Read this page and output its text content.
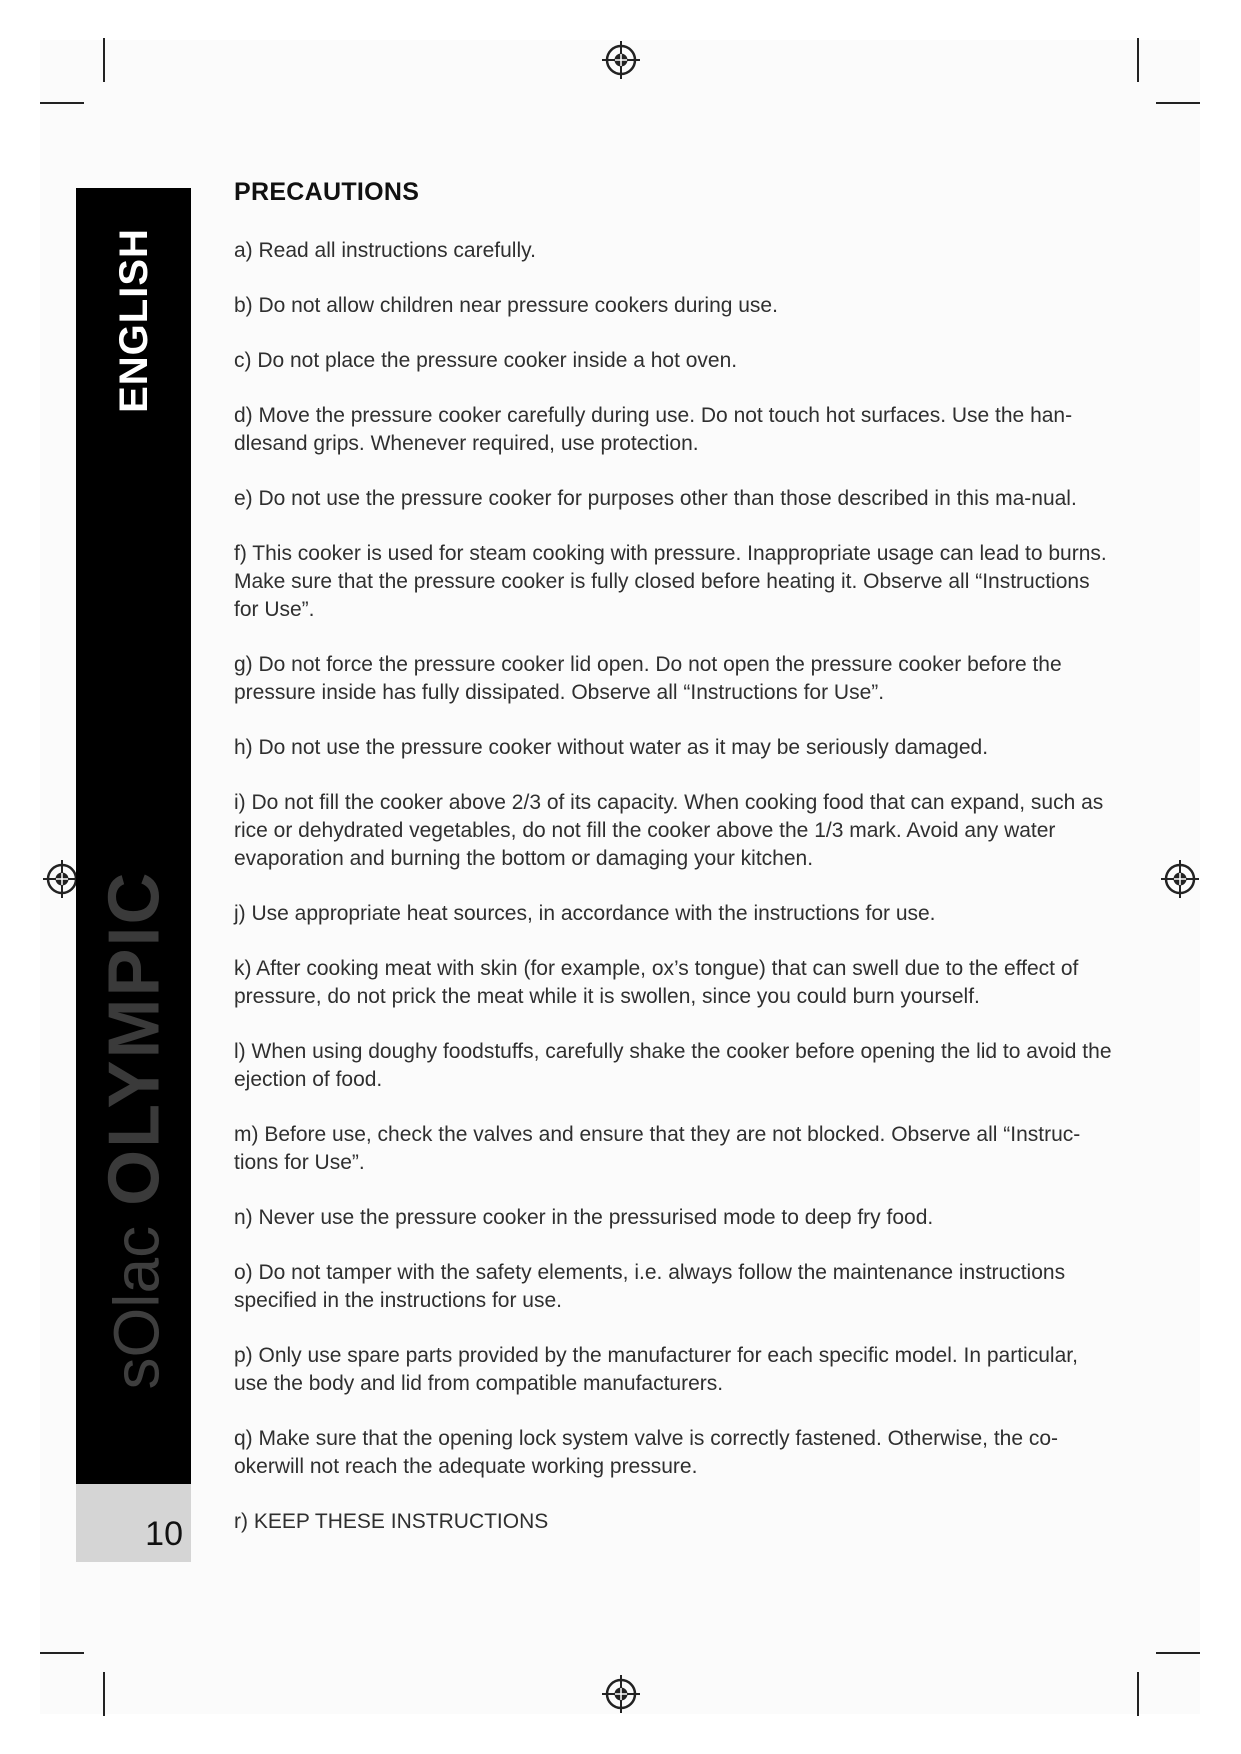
ENGLISH
sOlacOLYMPIC
10
PRECAUTIONS

a) Read all instructions carefully.

b) Do not allow children near pressure cookers during use.

c) Do not place the pressure cooker inside a hot oven.

d) Move the pressure cooker carefully during use. Do not touch hot surfaces. Use the han-dlesand grips. Whenever required, use protection.

e) Do not use the pressure cooker for purposes other than those described in this ma-nual.

f) This cooker is used for steam cooking with pressure. Inappropriate usage can lead to burns. Make sure that the pressure cooker is fully closed before heating it. Observe all “Instructions for Use”.

g) Do not force the pressure cooker lid open. Do not open the pressure cooker before the pressure inside has fully dissipated. Observe all “Instructions for Use”.

h) Do not use the pressure cooker without water as it may be seriously damaged.

i) Do not fill the cooker above 2/3 of its capacity. When cooking food that can expand, such as rice or dehydrated vegetables, do not fill the cooker above the 1/3 mark. Avoid any water evaporation and burning the bottom or damaging your kitchen.

j) Use appropriate heat sources, in accordance with the instructions for use.

k) After cooking meat with skin (for example, ox’s tongue) that can swell due to the effect of pressure, do not prick the meat while it is swollen, since you could burn yourself.

l) When using doughy foodstuffs, carefully shake the cooker before opening the lid to avoid the ejection of food.

m) Before use, check the valves and ensure that they are not blocked. Observe all “Instruc-tions for Use”.

n) Never use the pressure cooker in the pressurised mode to deep fry food.

o) Do not tamper with the safety elements, i.e. always follow the maintenance instructions specified in the instructions for use.

p) Only use spare parts provided by the manufacturer for each specific model. In particular, use the body and lid from compatible manufacturers.

q) Make sure that the opening lock system valve is correctly fastened. Otherwise, the co-okerwill not reach the adequate working pressure.

r) KEEP THESE INSTRUCTIONS
